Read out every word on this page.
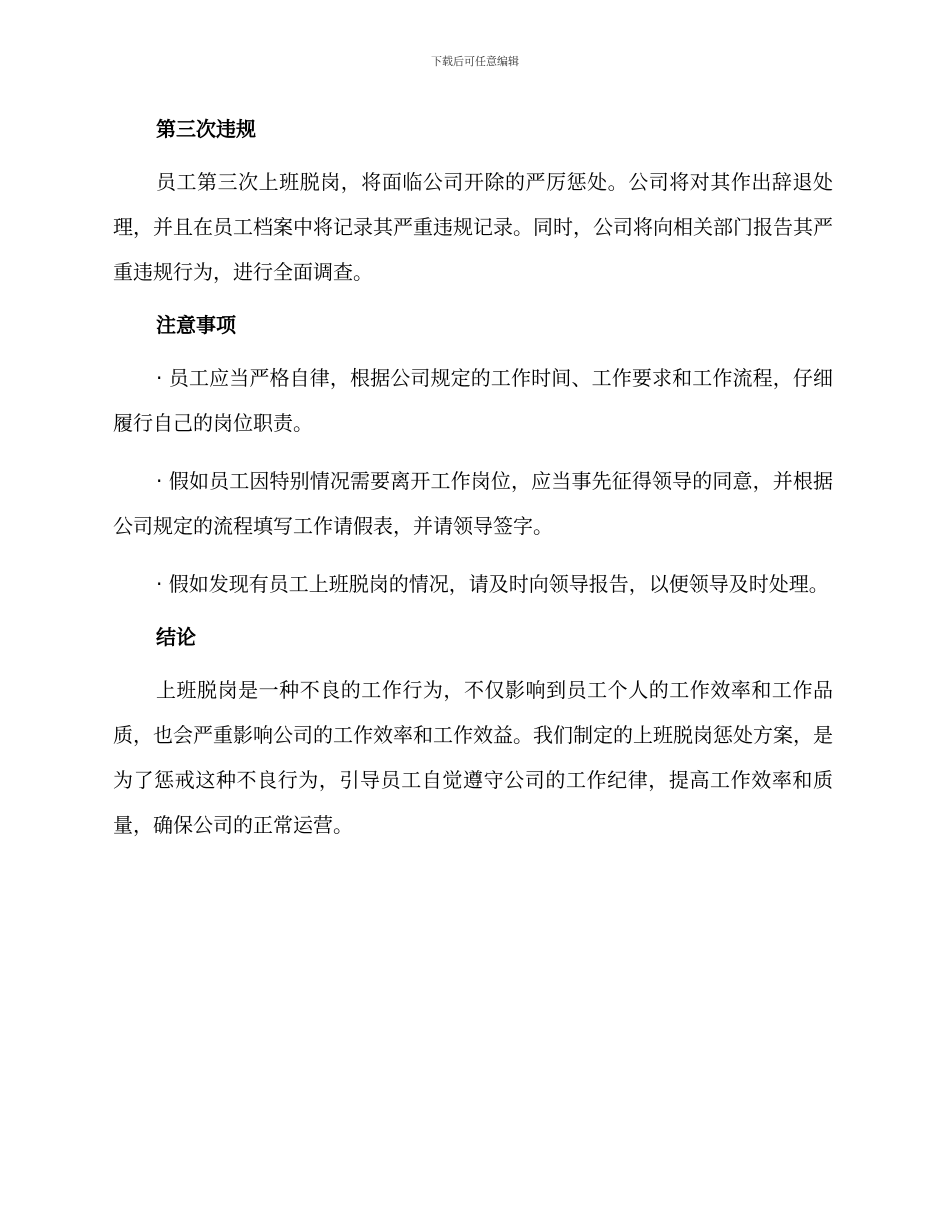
下载后可任意编辑
第三次违规

员工第三次上班脱岗，将面临公司开除的严厉惩处。公司将对其作出辞退处理，并且在员工档案中将记录其严重违规记录。同时，公司将向相关部门报告其严重违规行为，进行全面调查。

注意事项

· 员工应当严格自律，根据公司规定的工作时间、工作要求和工作流程，仔细履行自己的岗位职责。

· 假如员工因特别情况需要离开工作岗位，应当事先征得领导的同意，并根据公司规定的流程填写工作请假表，并请领导签字。

· 假如发现有员工上班脱岗的情况，请及时向领导报告，以便领导及时处理。

结论

上班脱岗是一种不良的工作行为，不仅影响到员工个人的工作效率和工作品质，也会严重影响公司的工作效率和工作效益。我们制定的上班脱岗惩处方案，是为了惩戒这种不良行为，引导员工自觉遵守公司的工作纪律，提高工作效率和质量，确保公司的正常运营。
